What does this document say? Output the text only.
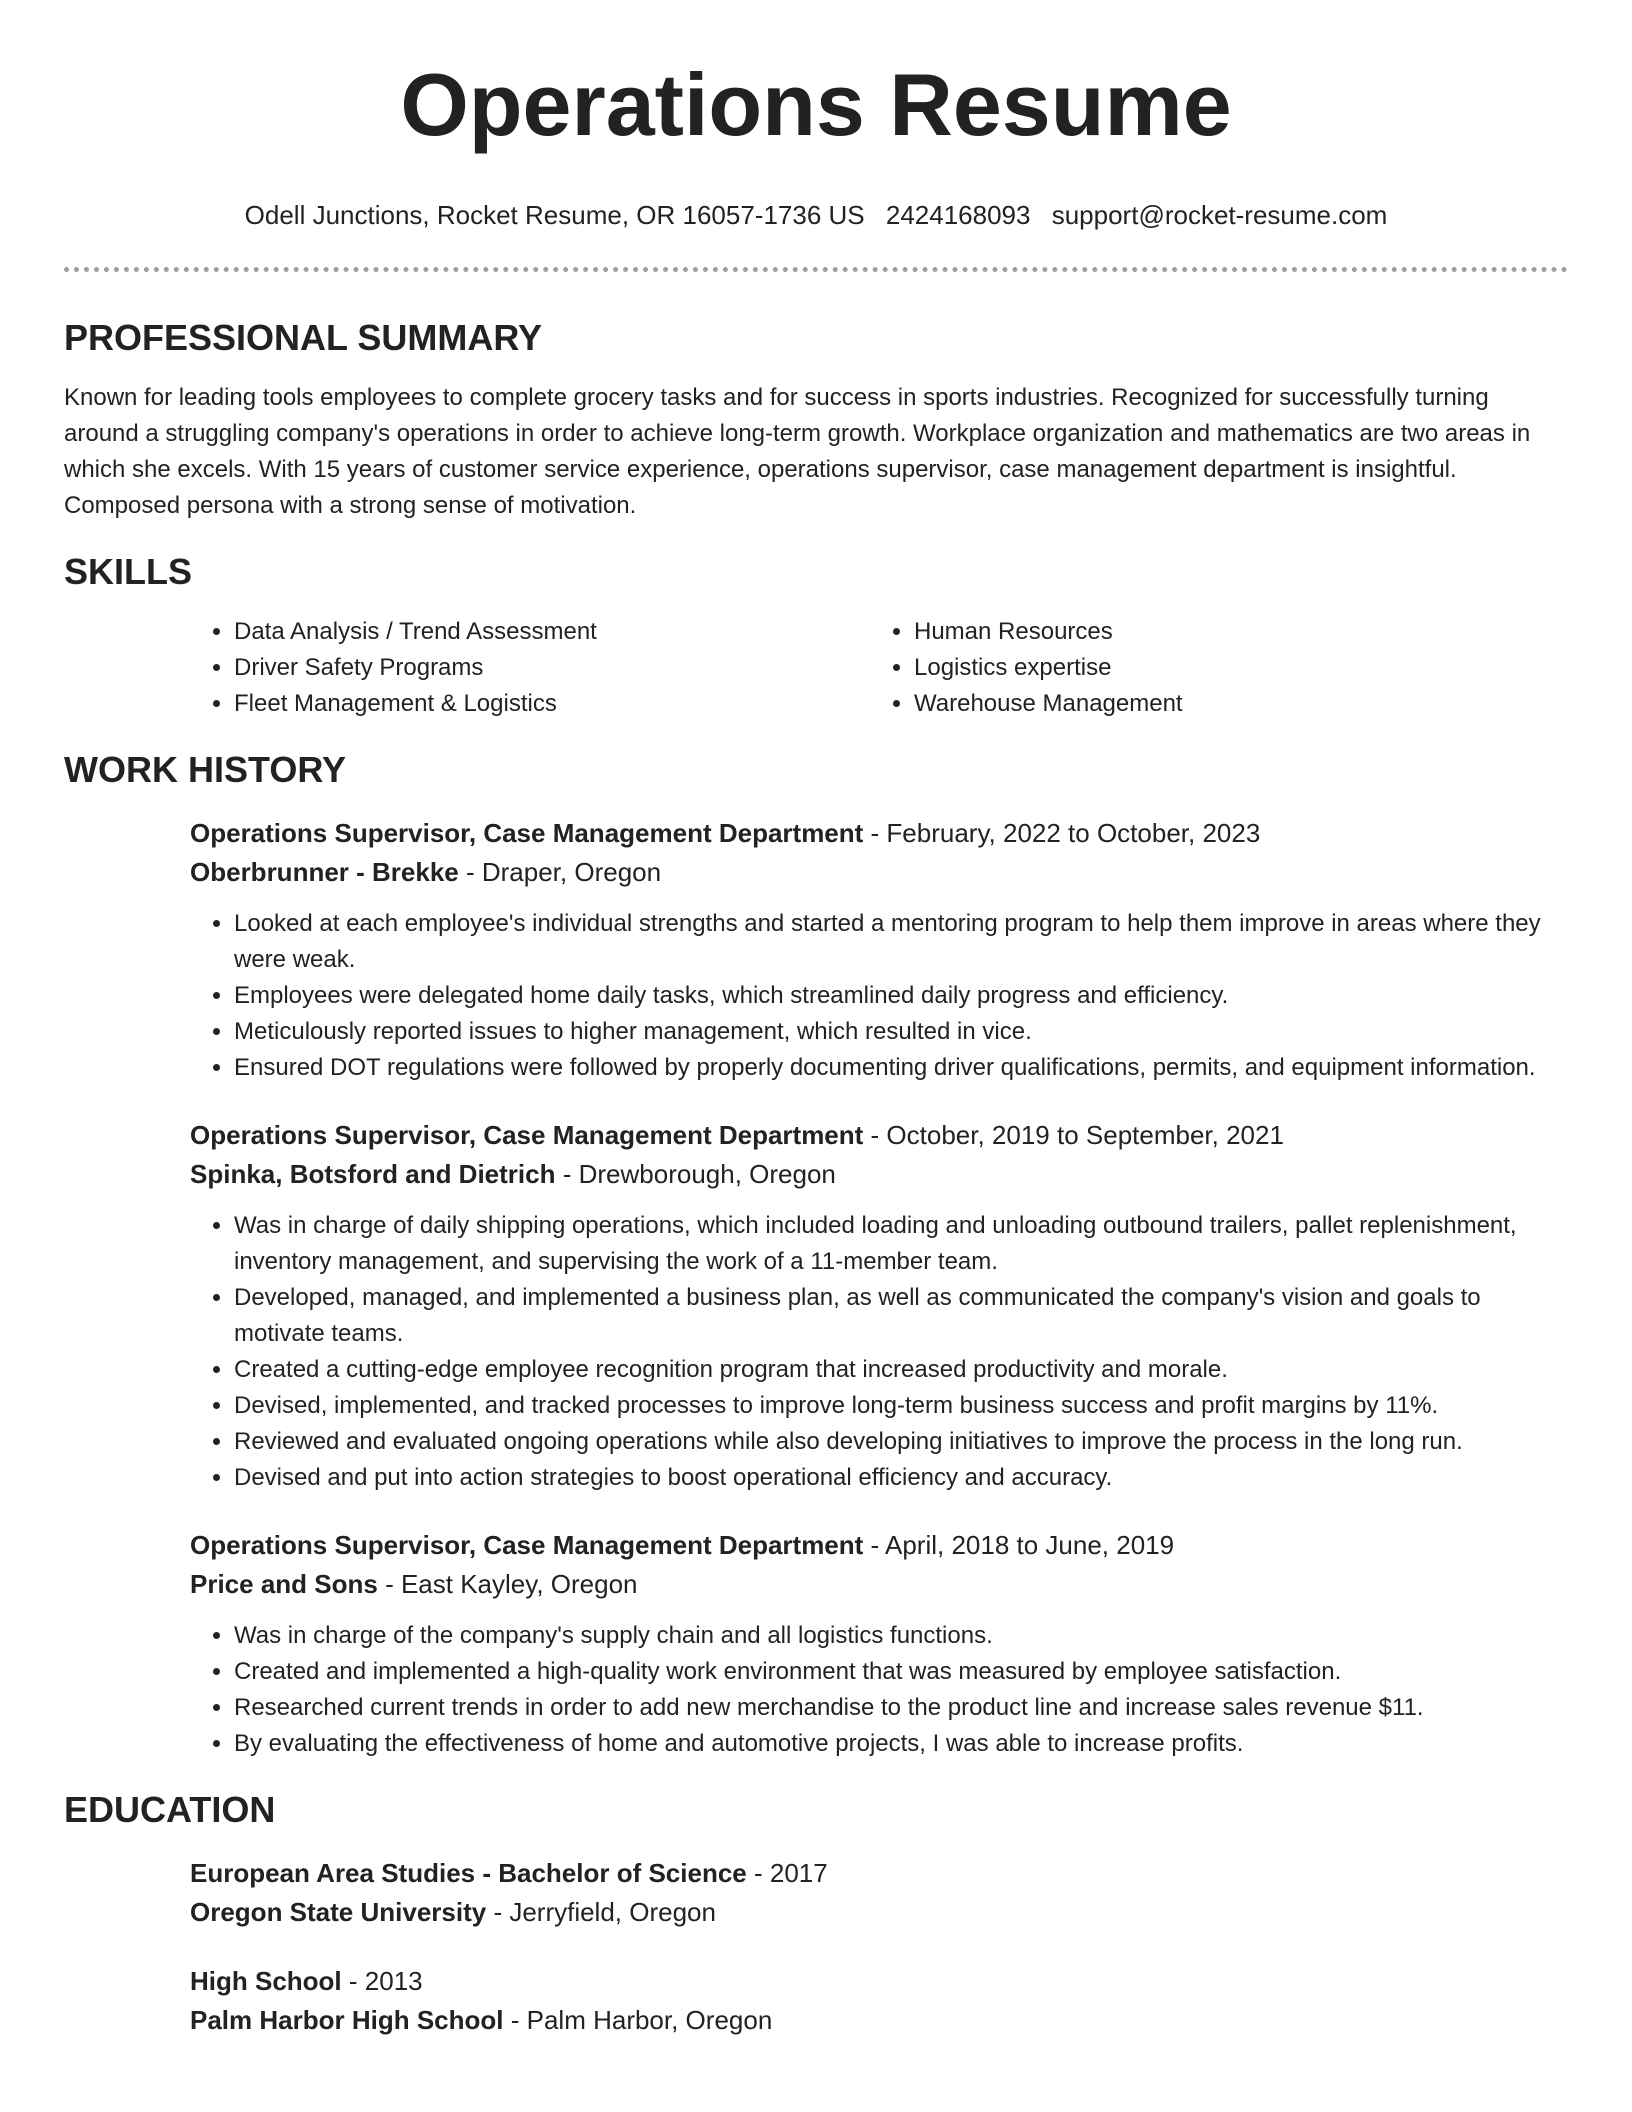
Operations Resume
Odell Junctions, Rocket Resume, OR 16057-1736 US 2424168093 support@rocket-resume.com
PROFESSIONAL SUMMARY

Known for leading tools employees to complete grocery tasks and for success in sports industries. Recognized for successfully turning around a struggling company's operations in order to achieve long-term growth. Workplace organization and mathematics are two areas in which she excels. With 15 years of customer service experience, operations supervisor, case management department is insightful. Composed persona with a strong sense of motivation.

SKILLS
• Data Analysis / Trend Assessment
• Driver Safety Programs
• Fleet Management & Logistics
• Human Resources
• Logistics expertise
• Warehouse Management
WORK HISTORY
Operations Supervisor, Case Management Department - February, 2022 to October, 2023
Oberbrunner - Brekke - Draper, Oregon
• Looked at each employee's individual strengths and started a mentoring program to help them improve in areas where they were weak.
• Employees were delegated home daily tasks, which streamlined daily progress and efficiency.
• Meticulously reported issues to higher management, which resulted in vice.
• Ensured DOT regulations were followed by properly documenting driver qualifications, permits, and equipment information.
Operations Supervisor, Case Management Department - October, 2019 to September, 2021
Spinka, Botsford and Dietrich - Drewborough, Oregon
• Was in charge of daily shipping operations, which included loading and unloading outbound trailers, pallet replenishment, inventory management, and supervising the work of a 11-member team.
• Developed, managed, and implemented a business plan, as well as communicated the company's vision and goals to motivate teams.
• Created a cutting-edge employee recognition program that increased productivity and morale.
• Devised, implemented, and tracked processes to improve long-term business success and profit margins by 11%.
• Reviewed and evaluated ongoing operations while also developing initiatives to improve the process in the long run.
• Devised and put into action strategies to boost operational efficiency and accuracy.
Operations Supervisor, Case Management Department - April, 2018 to June, 2019
Price and Sons - East Kayley, Oregon
• Was in charge of the company's supply chain and all logistics functions.
• Created and implemented a high-quality work environment that was measured by employee satisfaction.
• Researched current trends in order to add new merchandise to the product line and increase sales revenue $11.
• By evaluating the effectiveness of home and automotive projects, I was able to increase profits.
EDUCATION
European Area Studies - Bachelor of Science - 2017
Oregon State University - Jerryfield, Oregon
High School - 2013
Palm Harbor High School - Palm Harbor, Oregon
